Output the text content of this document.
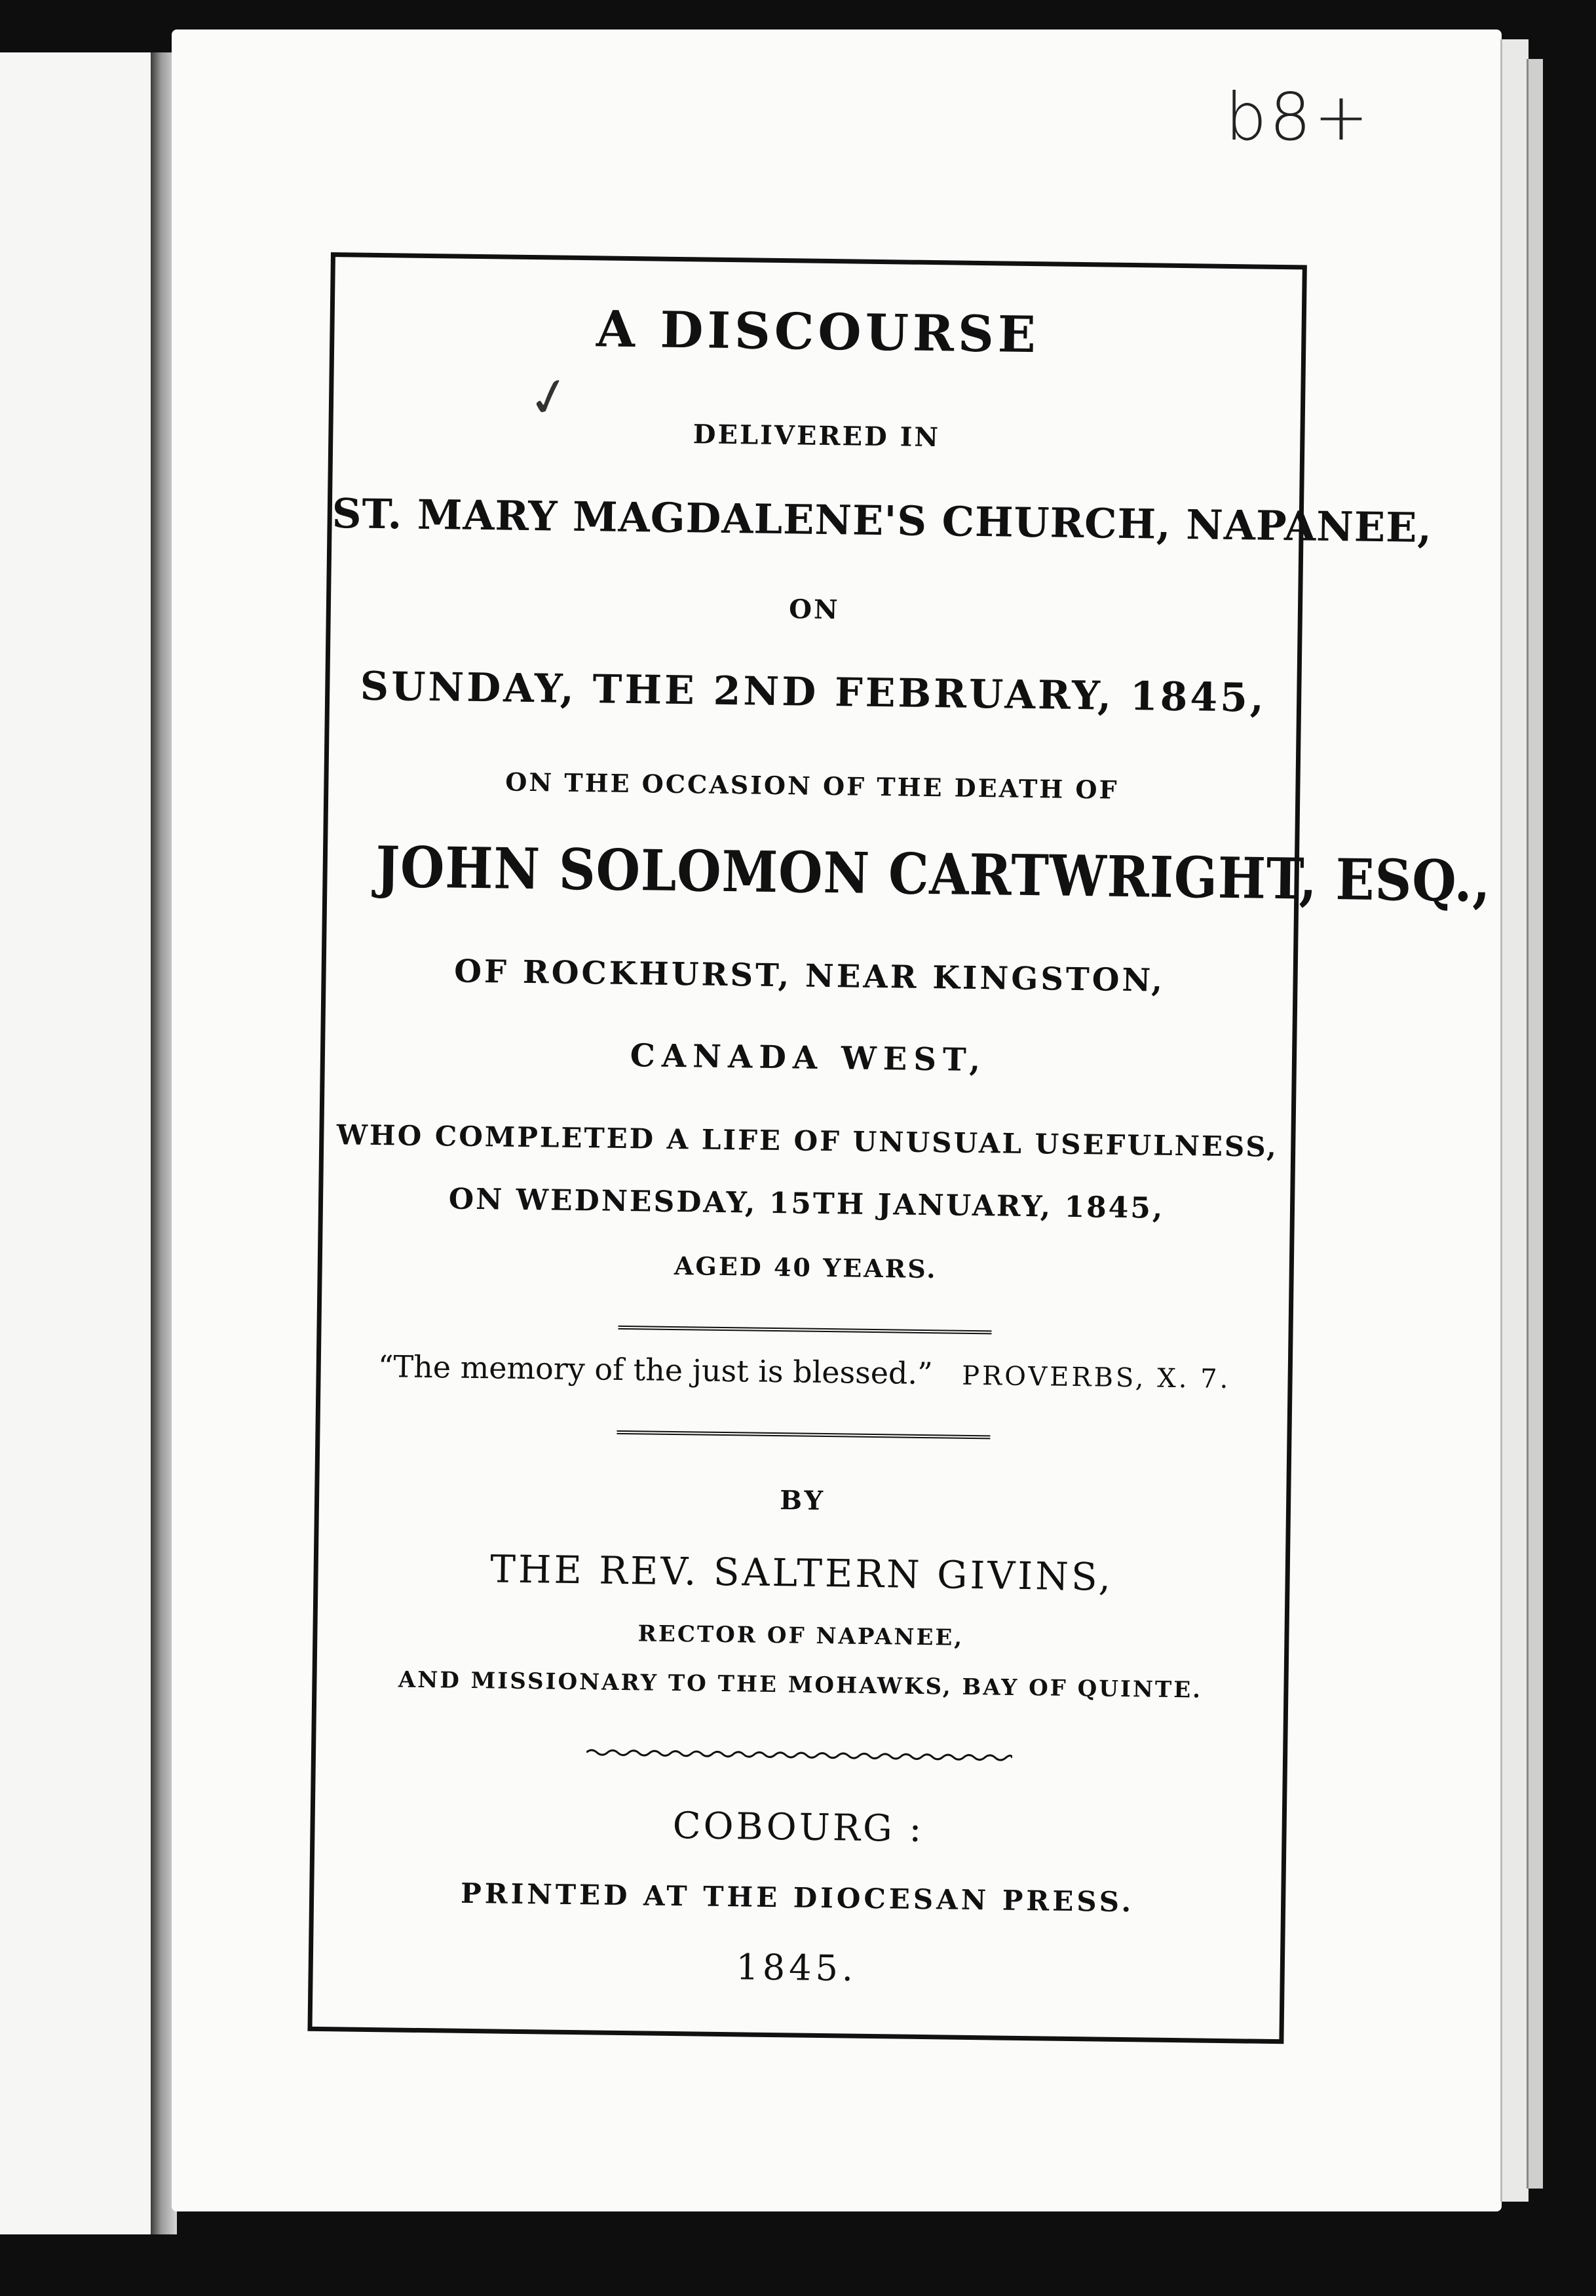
b8+
✓
A DISCOURSE
DELIVERED IN
ST. MARY MAGDALENE'S CHURCH, NAPANEE,
ON
SUNDAY, THE 2ND FEBRUARY, 1845,
ON THE OCCASION OF THE DEATH OF
JOHN SOLOMON CARTWRIGHT, ESQ.,
OF ROCKHURST, NEAR KINGSTON,
CANADA WEST,
WHO COMPLETED A LIFE OF UNUSUAL USEFULNESS,
ON WEDNESDAY, 15TH JANUARY, 1845,
AGED 40 YEARS.
“The memory of the just is blessed.” PROVERBS, X. 7.
BY
THE REV. SALTERN GIVINS,
RECTOR OF NAPANEE,
AND MISSIONARY TO THE MOHAWKS, BAY OF QUINTE.
COBOURG :
PRINTED AT THE DIOCESAN PRESS.
1845.
